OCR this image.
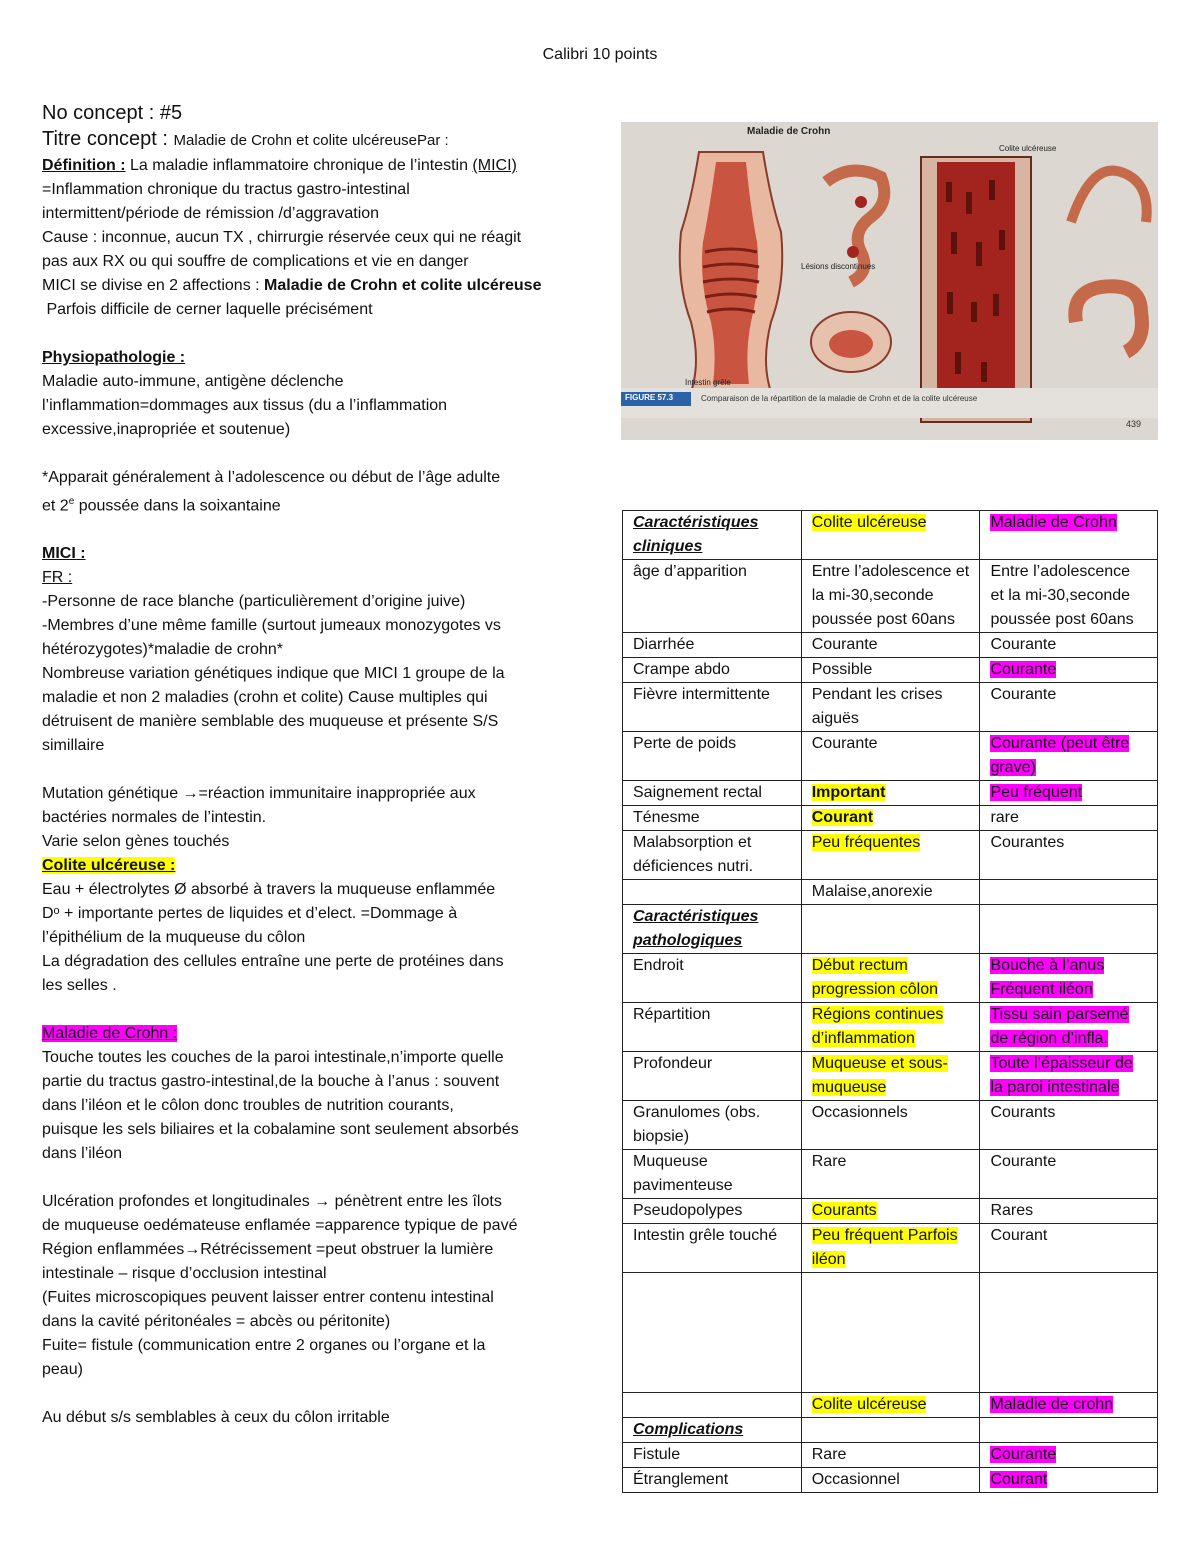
Calibri 10 points

No concept : #5

Titre concept : Maladie de Crohn et colite ulcéreusePar :

Définition : La maladie inflammatoire chronique de l’intestin (MICI)

=Inflammation chronique du tractus gastro-intestinal

intermittent/période de rémission /d’aggravation

Cause : inconnue, aucun TX , chirrurgie réservée ceux qui ne réagit

pas aux RX ou qui souffre de complications et vie en danger

MICI se divise en 2 affections : Maladie de Crohn et colite ulcéreuse

Parfois difficile de cerner laquelle précisément

Physiopathologie :

Maladie auto-immune, antigène déclenche

l’inflammation=dommages aux tissus (du a l’inflammation

excessive,inapropriée et soutenue)

*Apparait généralement à l’adolescence ou début de l’âge adulte

et 2e poussée dans la soixantaine

MICI :

FR :

-Personne de race blanche (particulièrement d’origine juive)

-Membres d’une même famille (surtout jumeaux monozygotes vs

hétérozygotes)*maladie de crohn*

Nombreuse variation génétiques indique que MICI 1 groupe de la

maladie et non 2 maladies (crohn et colite) Cause multiples qui

détruisent de manière semblable des muqueuse et présente S/S

simillaire

Mutation génétique →=réaction immunitaire inappropriée aux

bactéries normales de l’intestin.

Varie selon gènes touchés

Colite ulcéreuse :

Eau + électrolytes Ø absorbé à travers la muqueuse enflammée

Dᵒ + importante pertes de liquides et d’elect. =Dommage à

l’épithélium de la muqueuse du côlon

La dégradation des cellules entraîne une perte de protéines dans

les selles .

Maladie de Crohn :

Touche toutes les couches de la paroi intestinale,n’importe quelle

partie du tractus gastro-intestinal,de la bouche à l’anus : souvent

dans l’iléon et le côlon donc troubles de nutrition courants,

puisque les sels biliaires et la cobalamine sont seulement absorbés

dans l’iléon

Ulcération profondes et longitudinales → pénètrent entre les îlots

de muqueuse oedémateuse enflamée =apparence typique de pavé

Région enflammées→Rétrécissement =peut obstruer la lumière

intestinale – risque d’occlusion intestinal

(Fuites microscopiques peuvent laisser entrer contenu intestinal

dans la cavité péritonéales = abcès ou péritonite)

Fuite= fistule (communication entre 2 organes ou l’organe et la

peau)

Au début s/s semblables à ceux du côlon irritable

Maladie de Crohn
Colite ulcéreuse
Lésions discontinues
Intestin grêle
FIGURE 57.3	Comparaison de la répartition de la maladie de Crohn et de la colite ulcéreuse
439
Caractéristiques cliniques	Colite ulcéreuse	Maladie de Crohn
âge d’apparition	Entre l’adolescence et la mi-30,seconde poussée post 60ans	Entre l’adolescence et la mi-30,seconde poussée post 60ans
Diarrhée	Courante	Courante
Crampe abdo	Possible	Courante
Fièvre intermittente	Pendant les crises aiguës	Courante
Perte de poids	Courante	Courante (peut être grave)
Saignement rectal	Important	Peu fréquent
Ténesme	Courant	rare
Malabsorption et déficiences nutri.	Peu fréquentes	Courantes
	Malaise,anorexie	
Caractéristiques pathologiques		
Endroit	Début rectum progression côlon	Bouche à l’anus Fréquent iléon
Répartition	Régions continues d’inflammation	Tissu sain parsemé de région d’infla.
Profondeur	Muqueuse et sous-muqueuse	Toute l’épaisseur de la paroi intestinale
Granulomes (obs. biopsie)	Occasionnels	Courants
Muqueuse pavimenteuse	Rare	Courante
Pseudopolypes	Courants	Rares
Intestin grêle touché	Peu fréquent Parfois iléon	Courant

	Colite ulcéreuse	Maladie de crohn
Complications		
Fistule	Rare	Courante
Étranglement	Occasionnel	Courant
